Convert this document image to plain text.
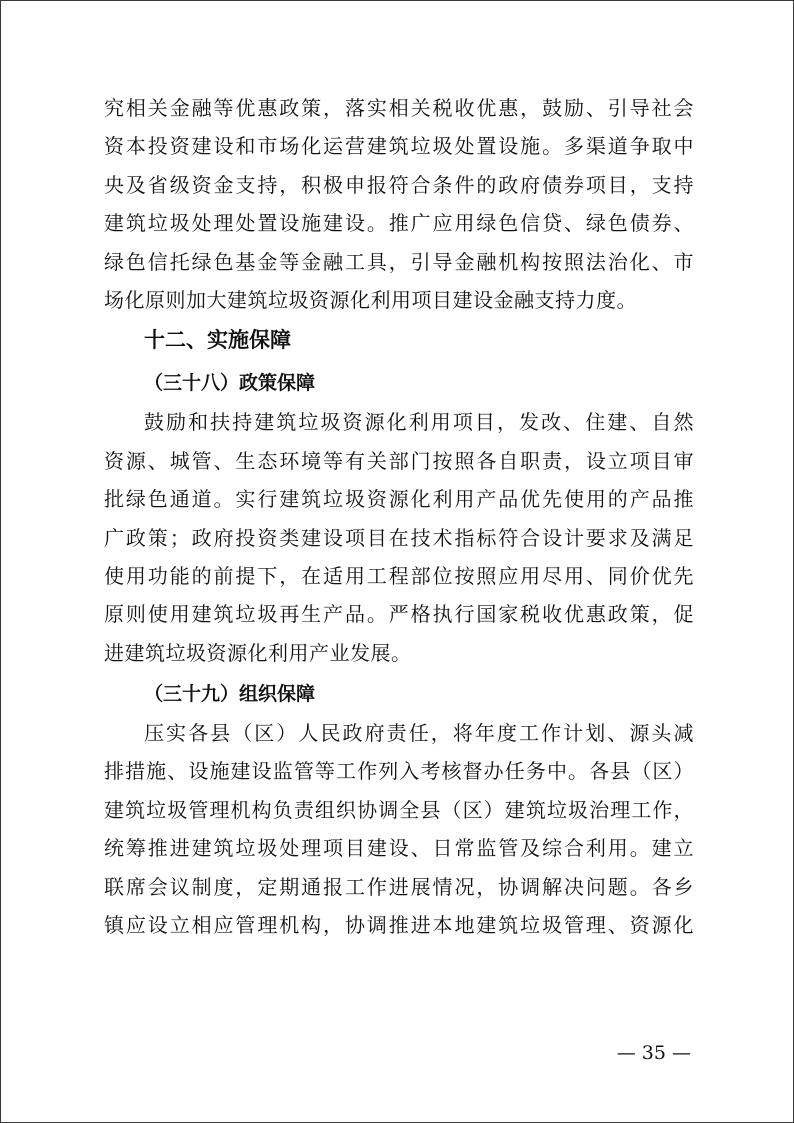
究相关金融等优惠政策，落实相关税收优惠，鼓励、引导社会
资本投资建设和市场化运营建筑垃圾处置设施。多渠道争取中
央及省级资金支持，积极申报符合条件的政府债券项目，支持
建筑垃圾处理处置设施建设。推广应用绿色信贷、绿色债券、
绿色信托绿色基金等金融工具，引导金融机构按照法治化、市
场化原则加大建筑垃圾资源化利用项目建设金融支持力度。
十二、实施保障
（三十八）政策保障
鼓励和扶持建筑垃圾资源化利用项目，发改、住建、自然
资源、城管、生态环境等有关部门按照各自职责，设立项目审
批绿色通道。实行建筑垃圾资源化利用产品优先使用的产品推
广政策；政府投资类建设项目在技术指标符合设计要求及满足
使用功能的前提下，在适用工程部位按照应用尽用、同价优先
原则使用建筑垃圾再生产品。严格执行国家税收优惠政策，促
进建筑垃圾资源化利用产业发展。
（三十九）组织保障
压实各县（区）人民政府责任，将年度工作计划、源头减
排措施、设施建设监管等工作列入考核督办任务中。各县（区）
建筑垃圾管理机构负责组织协调全县（区）建筑垃圾治理工作，
统筹推进建筑垃圾处理项目建设、日常监管及综合利用。建立
联席会议制度，定期通报工作进展情况，协调解决问题。各乡
镇应设立相应管理机构，协调推进本地建筑垃圾管理、资源化
— 35 —
